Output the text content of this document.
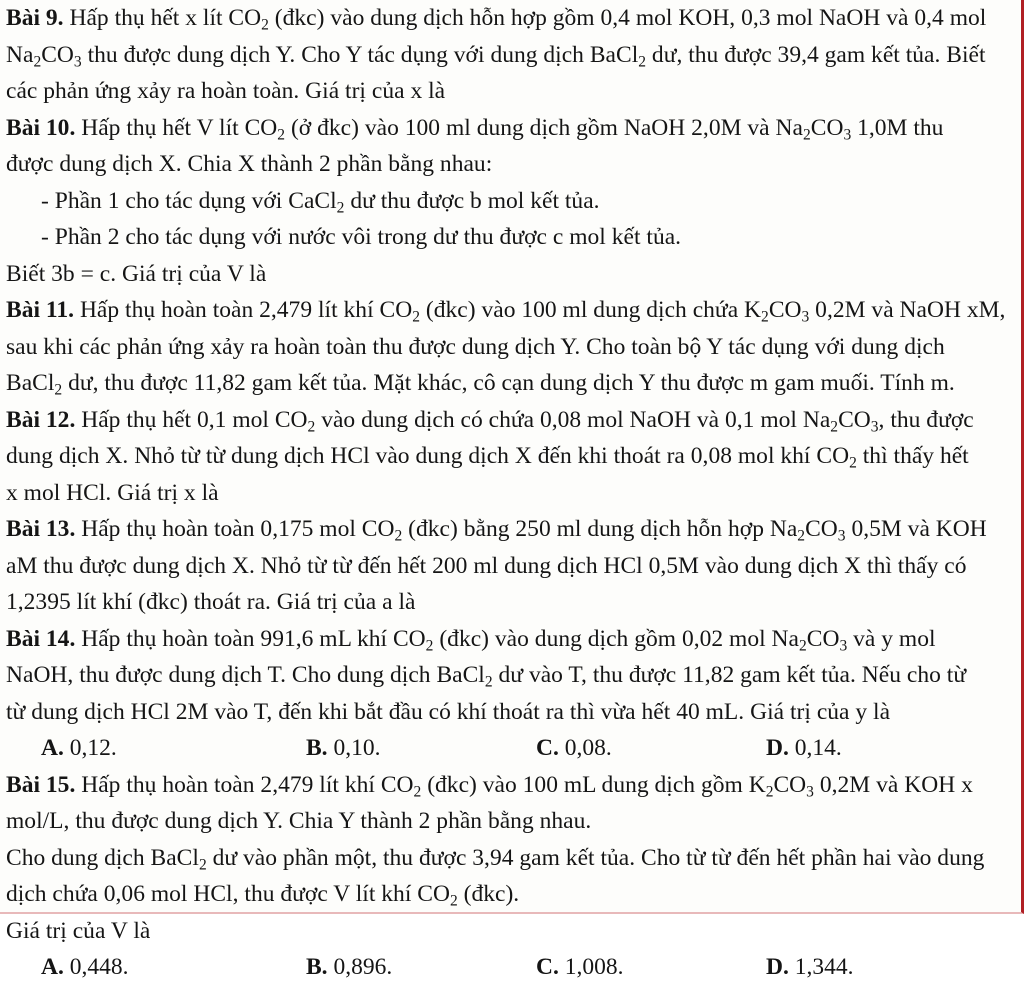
Bài 9. Hấp thụ hết x lít $CO_2$ (đkc) vào dung dịch hỗn hợp gồm 0,4 mol KOH, 0,3 mol NaOH và 0,4 mol
$Na_2CO_3$ thu được dung dịch Y. Cho Y tác dụng với dung dịch BaCl$_2$ dư, thu được 39,4 gam kết tủa. Biết
các phản ứng xảy ra hoàn toàn. Giá trị của x là
Bài 10. Hấp thụ hết V lít $CO_2$ (ở đkc) vào 100 ml dung dịch gồm NaOH 2,0M và $Na_2CO_3$ 1,0M thu
được dung dịch X. Chia X thành 2 phần bằng nhau:
- Phần 1 cho tác dụng với CaCl$_2$ dư thu được b mol kết tủa.
- Phần 2 cho tác dụng với nước vôi trong dư thu được c mol kết tủa.
Biết 3b = c. Giá trị của V là
Bài 11. Hấp thụ hoàn toàn 2,479 lít khí $CO_2$ (đkc) vào 100 ml dung dịch chứa $K_2CO_3$ 0,2M và NaOH xM,
sau khi các phản ứng xảy ra hoàn toàn thu được dung dịch Y. Cho toàn bộ Y tác dụng với dung dịch
BaCl$_2$ dư, thu được 11,82 gam kết tủa. Mặt khác, cô cạn dung dịch Y thu được m gam muối. Tính m.
Bài 12. Hấp thụ hết 0,1 mol $CO_2$ vào dung dịch có chứa 0,08 mol NaOH và 0,1 mol $Na_2CO_3$, thu được
dung dịch X. Nhỏ từ từ dung dịch HCl vào dung dịch X đến khi thoát ra 0,08 mol khí $CO_2$ thì thấy hết
x mol HCl. Giá trị x là
Bài 13. Hấp thụ hoàn toàn 0,175 mol $CO_2$ (đkc) bằng 250 ml dung dịch hỗn hợp $Na_2CO_3$ 0,5M và KOH
aM thu được dung dịch X. Nhỏ từ từ đến hết 200 ml dung dịch HCl 0,5M vào dung dịch X thì thấy có
1,2395 lít khí (đkc) thoát ra. Giá trị của a là
Bài 14. Hấp thụ hoàn toàn 991,6 mL khí $CO_2$ (đkc) vào dung dịch gồm 0,02 mol $Na_2CO_3$ và y mol
NaOH, thu được dung dịch T. Cho dung dịch BaCl$_2$ dư vào T, thu được 11,82 gam kết tủa. Nếu cho từ
từ dung dịch HCl 2M vào T, đến khi bắt đầu có khí thoát ra thì vừa hết 40 mL. Giá trị của y là
A. 0,12.	B. 0,10.	C. 0,08.	D. 0,14.
Bài 15. Hấp thụ hoàn toàn 2,479 lít khí $CO_2$ (đkc) vào 100 mL dung dịch gồm $K_2CO_3$ 0,2M và KOH x
mol/L, thu được dung dịch Y. Chia Y thành 2 phần bằng nhau.
Cho dung dịch BaCl$_2$ dư vào phần một, thu được 3,94 gam kết tủa. Cho từ từ đến hết phần hai vào dung
dịch chứa 0,06 mol HCl, thu được V lít khí $CO_2$ (đkc).
Giá trị của V là
A. 0,448.	B. 0,896.	C. 1,008.	D. 1,344.
